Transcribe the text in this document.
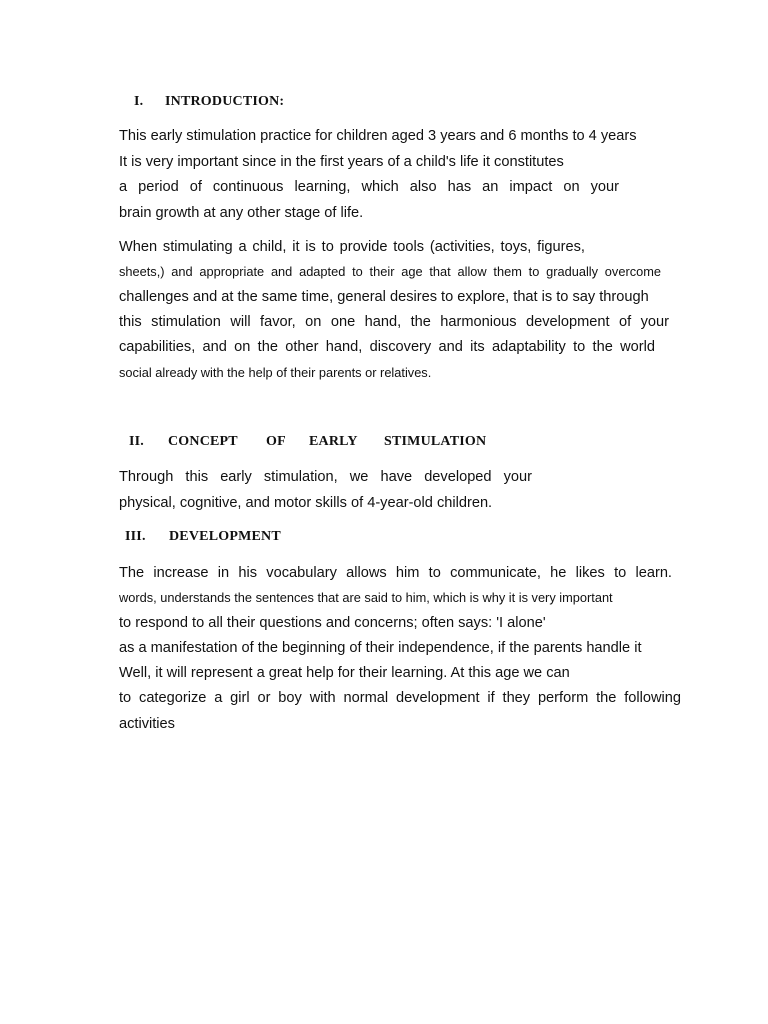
I. INTRODUCTION:
This early stimulation practice for children aged 3 years and 6 months to 4 years
It is very important since in the first years of a child's life it constitutes
a period of continuous learning, which also has an impact on your
brain growth at any other stage of life.
When stimulating a child, it is to provide tools (activities, toys, figures,
sheets,) and appropriate and adapted to their age that allow them to gradually overcome
challenges and at the same time, general desires to explore, that is to say through
this stimulation will favor, on one hand, the harmonious development of your
capabilities, and on the other hand, discovery and its adaptability to the world
social already with the help of their parents or relatives.
II. CONCEPT OF EARLY STIMULATION
Through this early stimulation, we have developed your
physical, cognitive, and motor skills of 4-year-old children.
III. DEVELOPMENT
The increase in his vocabulary allows him to communicate, he likes to learn.
words, understands the sentences that are said to him, which is why it is very important
to respond to all their questions and concerns; often says: 'I alone'
as a manifestation of the beginning of their independence, if the parents handle it
Well, it will represent a great help for their learning. At this age we can
to categorize a girl or boy with normal development if they perform the following
activities
